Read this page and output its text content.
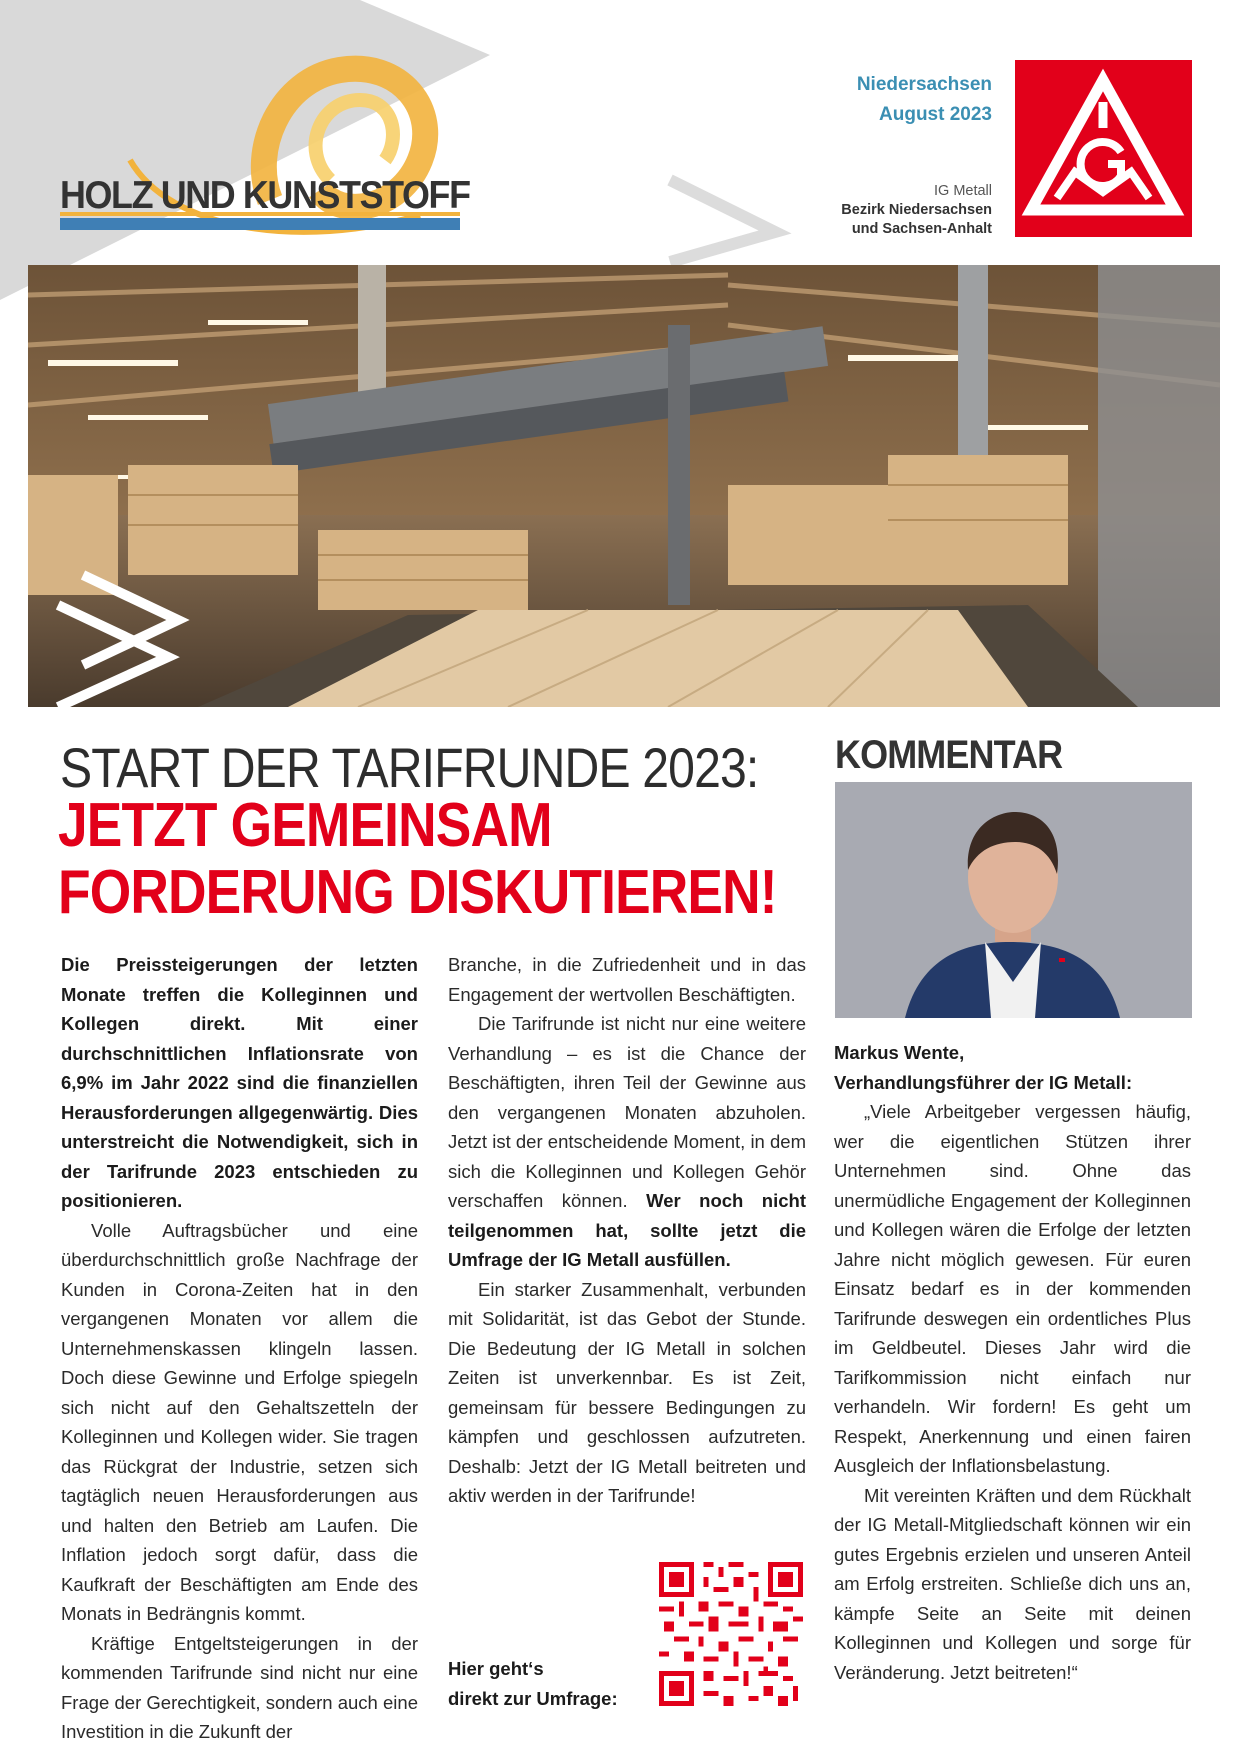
HOLZ UND KUNSTSTOFF
Niedersachsen
August 2023
IG Metall
Bezirk Niedersachsen
und Sachsen-Anhalt
START DER TARIFRUNDE 2023:
JETZT GEMEINSAM
FORDERUNG DISKUTIEREN!

Die Preissteigerungen der letzten Monate treffen die Kolleginnen und Kollegen direkt. Mit einer durchschnittlichen Inflationsrate von 6,9% im Jahr 2022 sind die finanziellen Herausforderungen allgegenwärtig. Dies unterstreicht die Notwendigkeit, sich in der Tarifrunde 2023 entschieden zu positionieren.

Volle Auftragsbücher und eine überdurchschnittlich große Nachfrage der Kunden in Corona-Zeiten hat in den vergangenen Monaten vor allem die Unternehmenskassen klingeln lassen. Doch diese Gewinne und Erfolge spiegeln sich nicht auf den Gehaltszetteln der Kolleginnen und Kollegen wider. Sie tragen das Rückgrat der Industrie, setzen sich tagtäglich neuen Herausforderungen aus und halten den Betrieb am Laufen. Die Inflation jedoch sorgt dafür, dass die Kaufkraft der Beschäftigten am Ende des Monats in Bedrängnis kommt.

Kräftige Entgeltsteigerungen in der kommenden Tarifrunde sind nicht nur eine Frage der Gerechtigkeit, sondern auch eine Investition in die Zukunft der

Branche, in die Zufriedenheit und in das Engagement der wertvollen Beschäftigten.

Die Tarifrunde ist nicht nur eine weitere Verhandlung – es ist die Chance der Beschäftigten, ihren Teil der Gewinne aus den vergangenen Monaten abzuholen. Jetzt ist der entscheidende Moment, in dem sich die Kolleginnen und Kollegen Gehör verschaffen können. Wer noch nicht teilgenommen hat, sollte jetzt die Umfrage der IG Metall ausfüllen.

Ein starker Zusammenhalt, verbunden mit Solidarität, ist das Gebot der Stunde. Die Bedeutung der IG Metall in solchen Zeiten ist unverkennbar. Es ist Zeit, gemeinsam für bessere Bedingungen zu kämpfen und geschlossen aufzutreten. Deshalb: Jetzt der IG Metall beitreten und aktiv werden in der Tarifrunde!

Hier geht‘s
direkt zur Umfrage:
KOMMENTAR

Markus Wente,

Verhandlungsführer der IG Metall:

„Viele Arbeitgeber vergessen häufig, wer die eigentlichen Stützen ihrer Unternehmen sind. Ohne das unermüdliche Engagement der Kolleginnen und Kollegen wären die Erfolge der letzten Jahre nicht möglich gewesen. Für euren Einsatz bedarf es in der kommenden Tarifrunde deswegen ein ordentliches Plus im Geldbeutel. Dieses Jahr wird die Tarifkommission nicht einfach nur verhandeln. Wir fordern! Es geht um Respekt, Anerkennung und einen fairen Ausgleich der Inflationsbelastung.

Mit vereinten Kräften und dem Rückhalt der IG Metall-Mitgliedschaft können wir ein gutes Ergebnis erzielen und unseren Anteil am Erfolg erstreiten. Schließe dich uns an, kämpfe Seite an Seite mit deinen Kolleginnen und Kollegen und sorge für Veränderung. Jetzt beitreten!“
